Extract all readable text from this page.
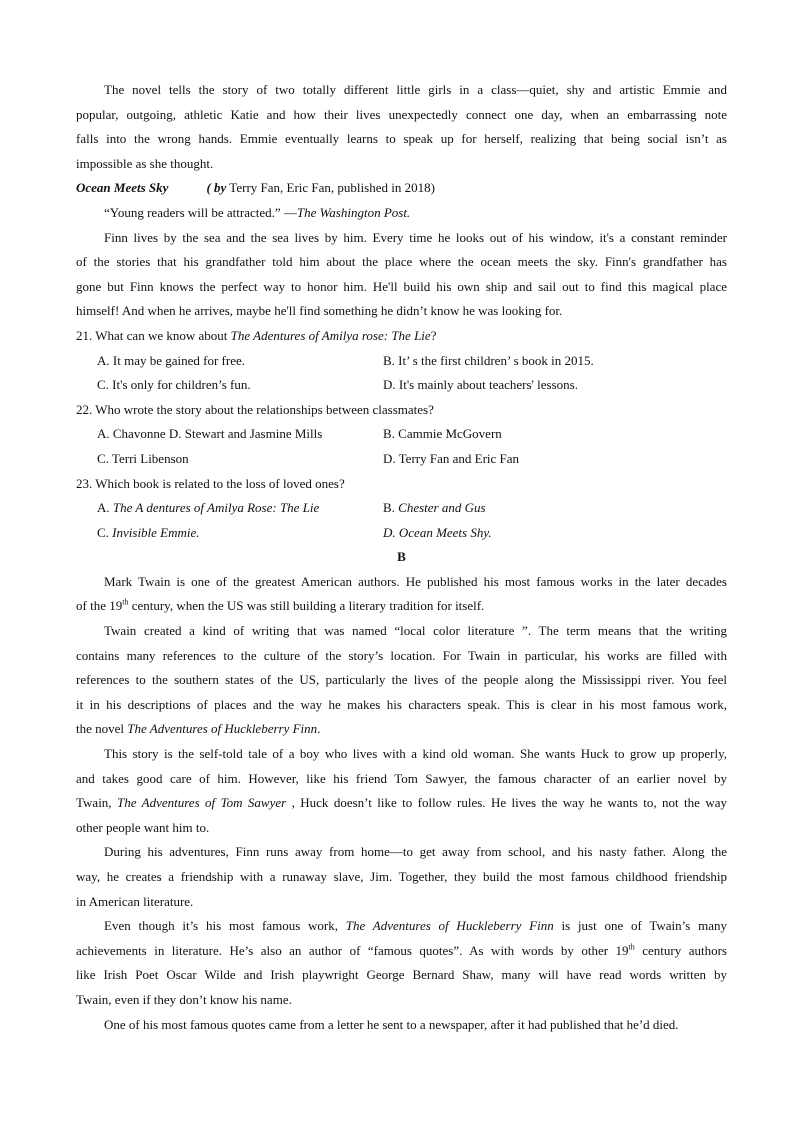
The novel tells the story of two totally different little girls in a class—quiet, shy and artistic Emmie and
popular, outgoing, athletic Katie and how their lives unexpectedly connect one day, when an embarrassing note
falls into the wrong hands. Emmie eventually learns to speak up for herself, realizing that being social isn’t as
impossible as she thought.
Ocean Meets Sky	( by Terry Fan, Eric Fan, published in 2018)
“Young readers will be attracted.” —The Washington Post.
Finn lives by the sea and the sea lives by him. Every time he looks out of his window, it's a constant reminder
of the stories that his grandfather told him about the place where the ocean meets the sky. Finn's grandfather has
gone but Finn knows the perfect way to honor him. He'll build his own ship and sail out to find this magical place
himself! And when he arrives, maybe he'll find something he didn’t know he was looking for.
21. What can we know about The Adentures of Amilya rose: The Lie?
A. It may be gained for free.	B. It’ s the first children’ s book in 2015.
C. It's only for children’s fun.	D. It's mainly about teachers' lessons.
22. Who wrote the story about the relationships between classmates?
A. Chavonne D. Stewart and Jasmine Mills	B. Cammie McGovern
C. Terri Libenson	D. Terry Fan and Eric Fan
23. Which book is related to the loss of loved ones?
A. The A dentures of Amilya Rose: The Lie	B. Chester and Gus
C. Invisible Emmie.	D. Ocean Meets Shy.
B
Mark Twain is one of the greatest American authors. He published his most famous works in the later decades
of the 19th century, when the US was still building a literary tradition for itself.
Twain created a kind of writing that was named “local color literature ”. The term means that the writing
contains many references to the culture of the story’s location. For Twain in particular, his works are filled with
references to the southern states of the US, particularly the lives of the people along the Mississippi river. You feel
it in his descriptions of places and the way he makes his characters speak. This is clear in his most famous work,
the novel The Adventures of Huckleberry Finn.
This story is the self-told tale of a boy who lives with a kind old woman. She wants Huck to grow up properly,
and takes good care of him. However, like his friend Tom Sawyer, the famous character of an earlier novel by
Twain, The Adventures of Tom Sawyer , Huck doesn’t like to follow rules. He lives the way he wants to, not the way
other people want him to.
During his adventures, Finn runs away from home—to get away from school, and his nasty father. Along the
way, he creates a friendship with a runaway slave, Jim. Together, they build the most famous childhood friendship
in American literature.
Even though it’s his most famous work, The Adventures of Huckleberry Finn is just one of Twain’s many
achievements in literature. He’s also an author of “famous quotes”. As with words by other 19th century authors
like Irish Poet Oscar Wilde and Irish playwright George Bernard Shaw, many will have read words written by
Twain, even if they don’t know his name.
One of his most famous quotes came from a letter he sent to a newspaper, after it had published that he’d died.
